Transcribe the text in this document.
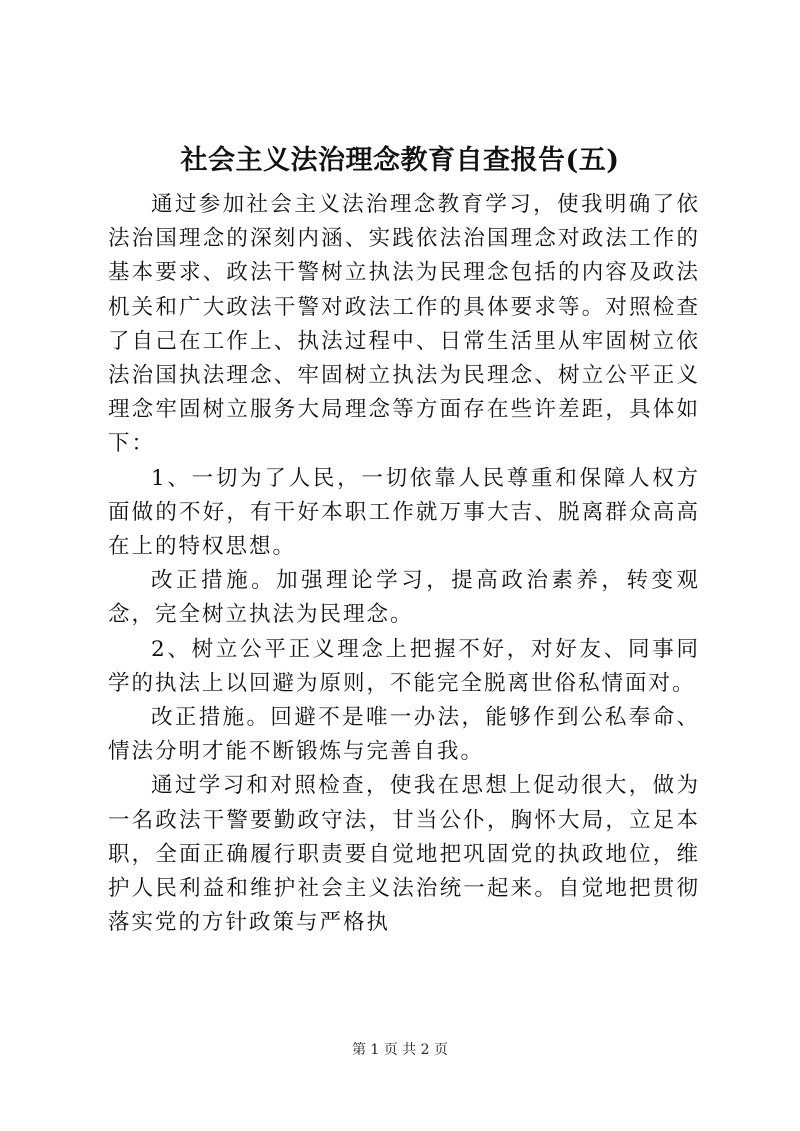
社会主义法治理念教育自查报告(五)

通过参加社会主义法治理念教育学习，使我明确了依法治国理念的深刻内涵、实践依法治国理念对政法工作的基本要求、政法干警树立执法为民理念包括的内容及政法机关和广大政法干警对政法工作的具体要求等。对照检查了自己在工作上、执法过程中、日常生活里从牢固树立依法治国执法理念、牢固树立执法为民理念、树立公平正义理念牢固树立服务大局理念等方面存在些许差距，具体如下：

1、一切为了人民，一切依靠人民尊重和保障人权方面做的不好，有干好本职工作就万事大吉、脱离群众高高在上的特权思想。

改正措施。加强理论学习，提高政治素养，转变观念，完全树立执法为民理念。

2、树立公平正义理念上把握不好，对好友、同事同学的执法上以回避为原则，不能完全脱离世俗私情面对。

改正措施。回避不是唯一办法，能够作到公私奉命、情法分明才能不断锻炼与完善自我。

通过学习和对照检查，使我在思想上促动很大，做为一名政法干警要勤政守法，甘当公仆，胸怀大局，立足本职，全面正确履行职责要自觉地把巩固党的执政地位，维护人民利益和维护社会主义法治统一起来。自觉地把贯彻落实党的方针政策与严格执

第 1 页 共 2 页
